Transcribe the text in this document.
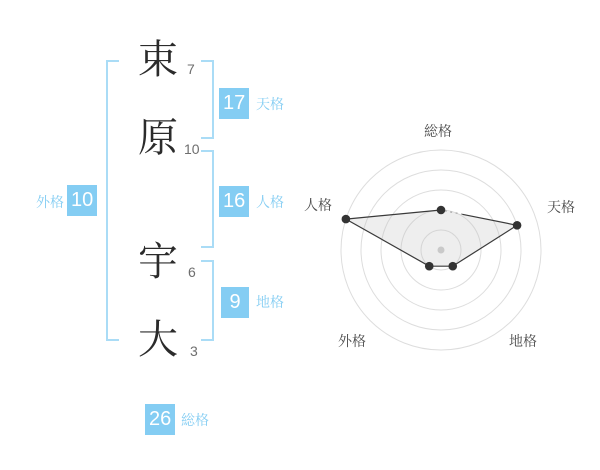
束
原
宇
大
7
10
6
3
17 天格
16 人格
9	地格
外格 10
26 総格
総格
天格
地格
外格
人格
